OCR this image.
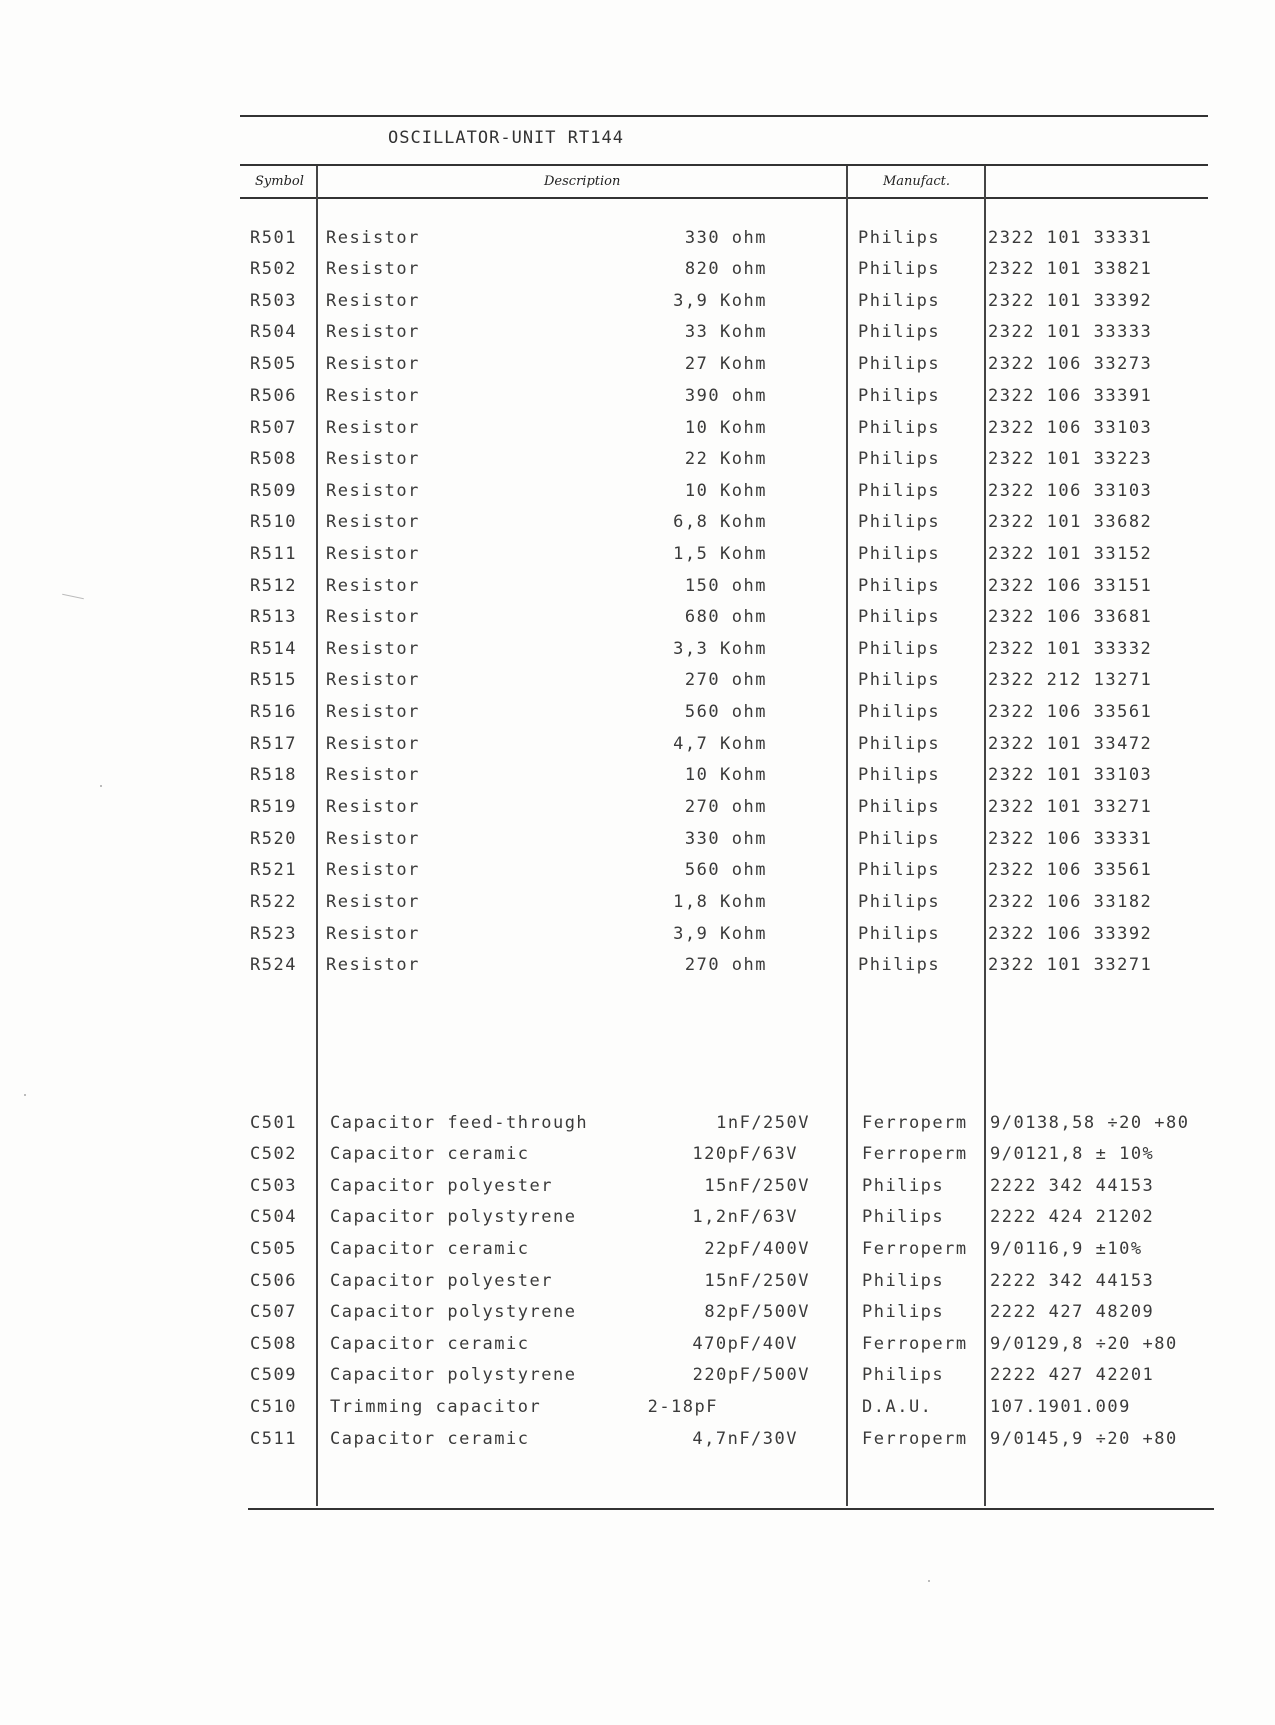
OSCILLATOR-UNIT RT144
Symbol	Description	Manufact.
R501 Resistor	330 ohm	Philips	2322 101 33331
R502 Resistor	820 ohm	Philips	2322 101 33821
R503 Resistor	3,9 Kohm	Philips	2322 101 33392
R504 Resistor	33 Kohm	Philips	2322 101 33333
R505 Resistor	27 Kohm	Philips	2322 106 33273
R506 Resistor	390 ohm	Philips	2322 106 33391
R507 Resistor	10 Kohm	Philips	2322 106 33103
R508 Resistor	22 Kohm	Philips	2322 101 33223
R509 Resistor	10 Kohm	Philips	2322 106 33103
R510 Resistor	6,8 Kohm	Philips	2322 101 33682
R511 Resistor	1,5 Kohm	Philips	2322 101 33152
R512 Resistor	150 ohm	Philips	2322 106 33151
R513 Resistor	680 ohm	Philips	2322 106 33681
R514 Resistor	3,3 Kohm	Philips	2322 101 33332
R515 Resistor	270 ohm	Philips	2322 212 13271
R516 Resistor	560 ohm	Philips	2322 106 33561
R517 Resistor	4,7 Kohm	Philips	2322 101 33472
R518 Resistor	10 Kohm	Philips	2322 101 33103
R519 Resistor	270 ohm	Philips	2322 101 33271
R520 Resistor	330 ohm	Philips	2322 106 33331
R521 Resistor	560 ohm	Philips	2322 106 33561
R522 Resistor	1,8 Kohm	Philips	2322 106 33182
R523 Resistor	3,9 Kohm	Philips	2322 106 33392
R524 Resistor	270 ohm	Philips	2322 101 33271
C501 Capacitor feed-through	1nF/250V	Ferroperm 9/0138,58 ÷20 +80
C502 Capacitor ceramic	120pF/63V	Ferroperm 9/0121,8 ± 10%
C503 Capacitor polyester	15nF/250V	Philips	2222 342 44153
C504 Capacitor polystyrene	1,2nF/63V	Philips	2222 424 21202
C505 Capacitor ceramic	22pF/400V	Ferroperm 9/0116,9 ±10%
C506 Capacitor polyester	15nF/250V	Philips	2222 342 44153
C507 Capacitor polystyrene	82pF/500V	Philips	2222 427 48209
C508 Capacitor ceramic	470pF/40V	Ferroperm 9/0129,8 ÷20 +80
C509 Capacitor polystyrene	220pF/500V	Philips	2222 427 42201
C510 Trimming capacitor	2-18pF	D.A.U.	107.1901.009
C511 Capacitor ceramic	4,7nF/30V	Ferroperm 9/0145,9 ÷20 +80
